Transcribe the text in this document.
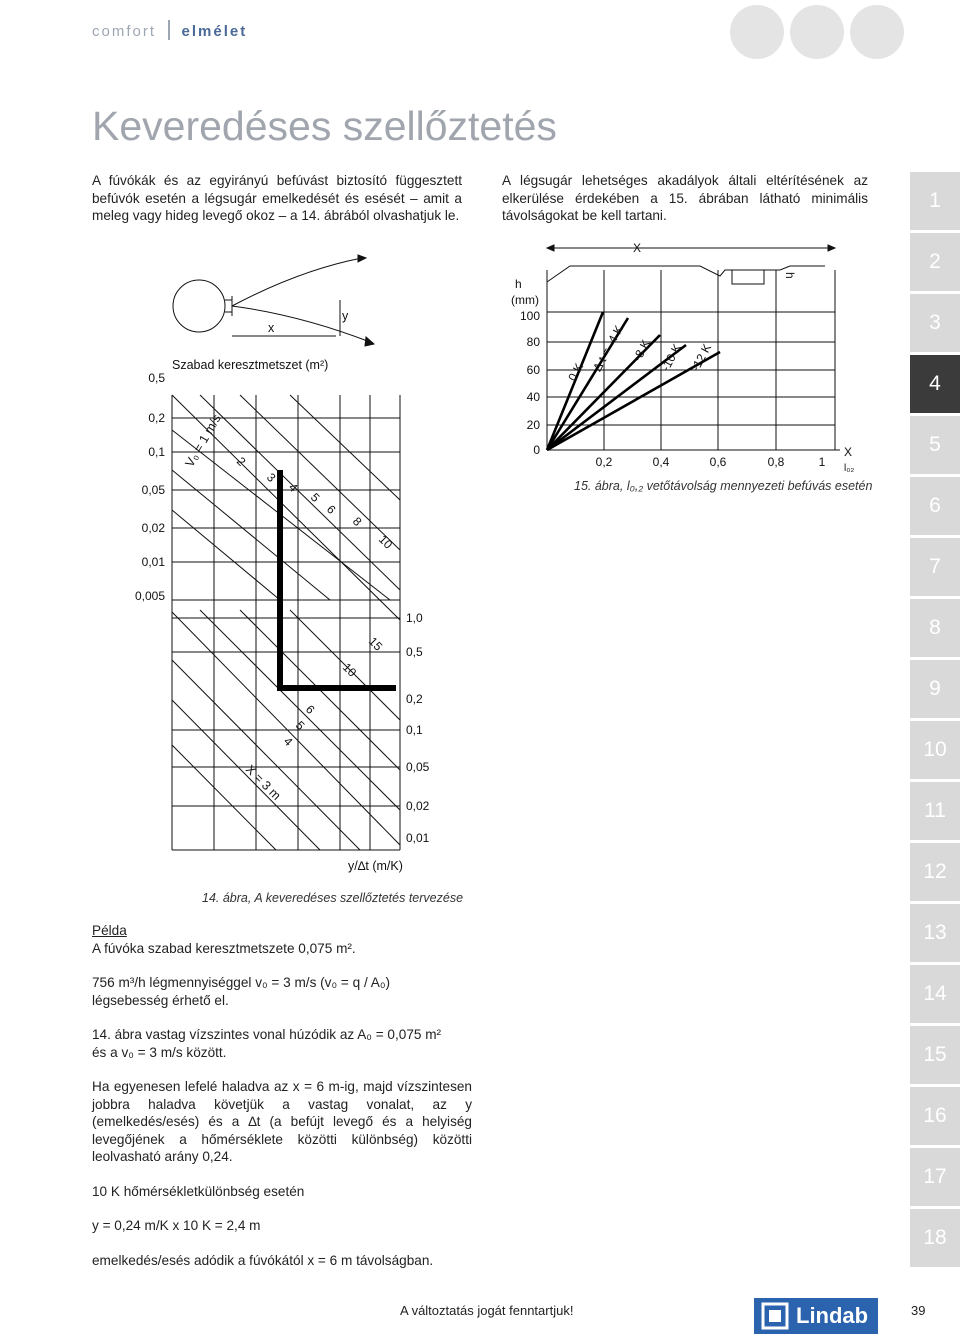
comfort elmélet
Keveredéses szellőztetés

A fúvókák és az egyirányú befúvást biztosító függesztett befúvók esetén a légsugár emelkedését és esését – amit a meleg vagy hideg levegő okoz – a 14. ábrából olvashatjuk le.

A légsugár lehetséges akadályok általi eltérítésének az elkerülése érdekében a 15. ábrában látható minimális távolságokat be kell tartani.

1
2
3
4
5
6
7
8
9
10
11
12
13
14
15
16
17
18
x
y
Szabad keresztmetszet (m²)
V₀ = 1 m/s
X = 3 m
y/∆t (m/K)
0,5
0,2
0,1
0,05
0,02
0,01
0,005
1,0
0,5
0,2
0,1
0,05
0,02
0,01
2
3
4
5
6
8
10
4
5
6
10
15
14. ábra, A keveredéses szellőztetés tervezése
h
(mm)
X
h
X
l₀₂
100
80
60
40
20
0
0,2	0,4	0,6	0,8	1
0 K ∆ t = -4 K -8 K -10 K -12 K
15. ábra, l₀,₂ vetőtávolság mennyezeti befúvás esetén
Példa
A fúvóka szabad keresztmetszete 0,075 m².
756 m³/h légmennyiséggel v₀ = 3 m/s (v₀ = q / A₀)
légsebesség érhető el.
14. ábra vastag vízszintes vonal húzódik az A₀ = 0,075 m²
és a v₀ = 3 m/s között.
Ha egyenesen lefelé haladva az x = 6 m-ig, majd vízszintesen jobbra haladva követjük a vastag vonalat, az y (emelkedés/esés) és a ∆t (a befújt levegő és a helyiség levegőjének a hőmérséklete közötti különbség) közötti leolvasható arány 0,24.
10 K hőmérsékletkülönbség esetén
y = 0,24 m/K x 10 K = 2,4 m
emelkedés/esés adódik a fúvókától x = 6 m távolságban.
A változtatás jogát fenntartjuk!	Lindab	39
